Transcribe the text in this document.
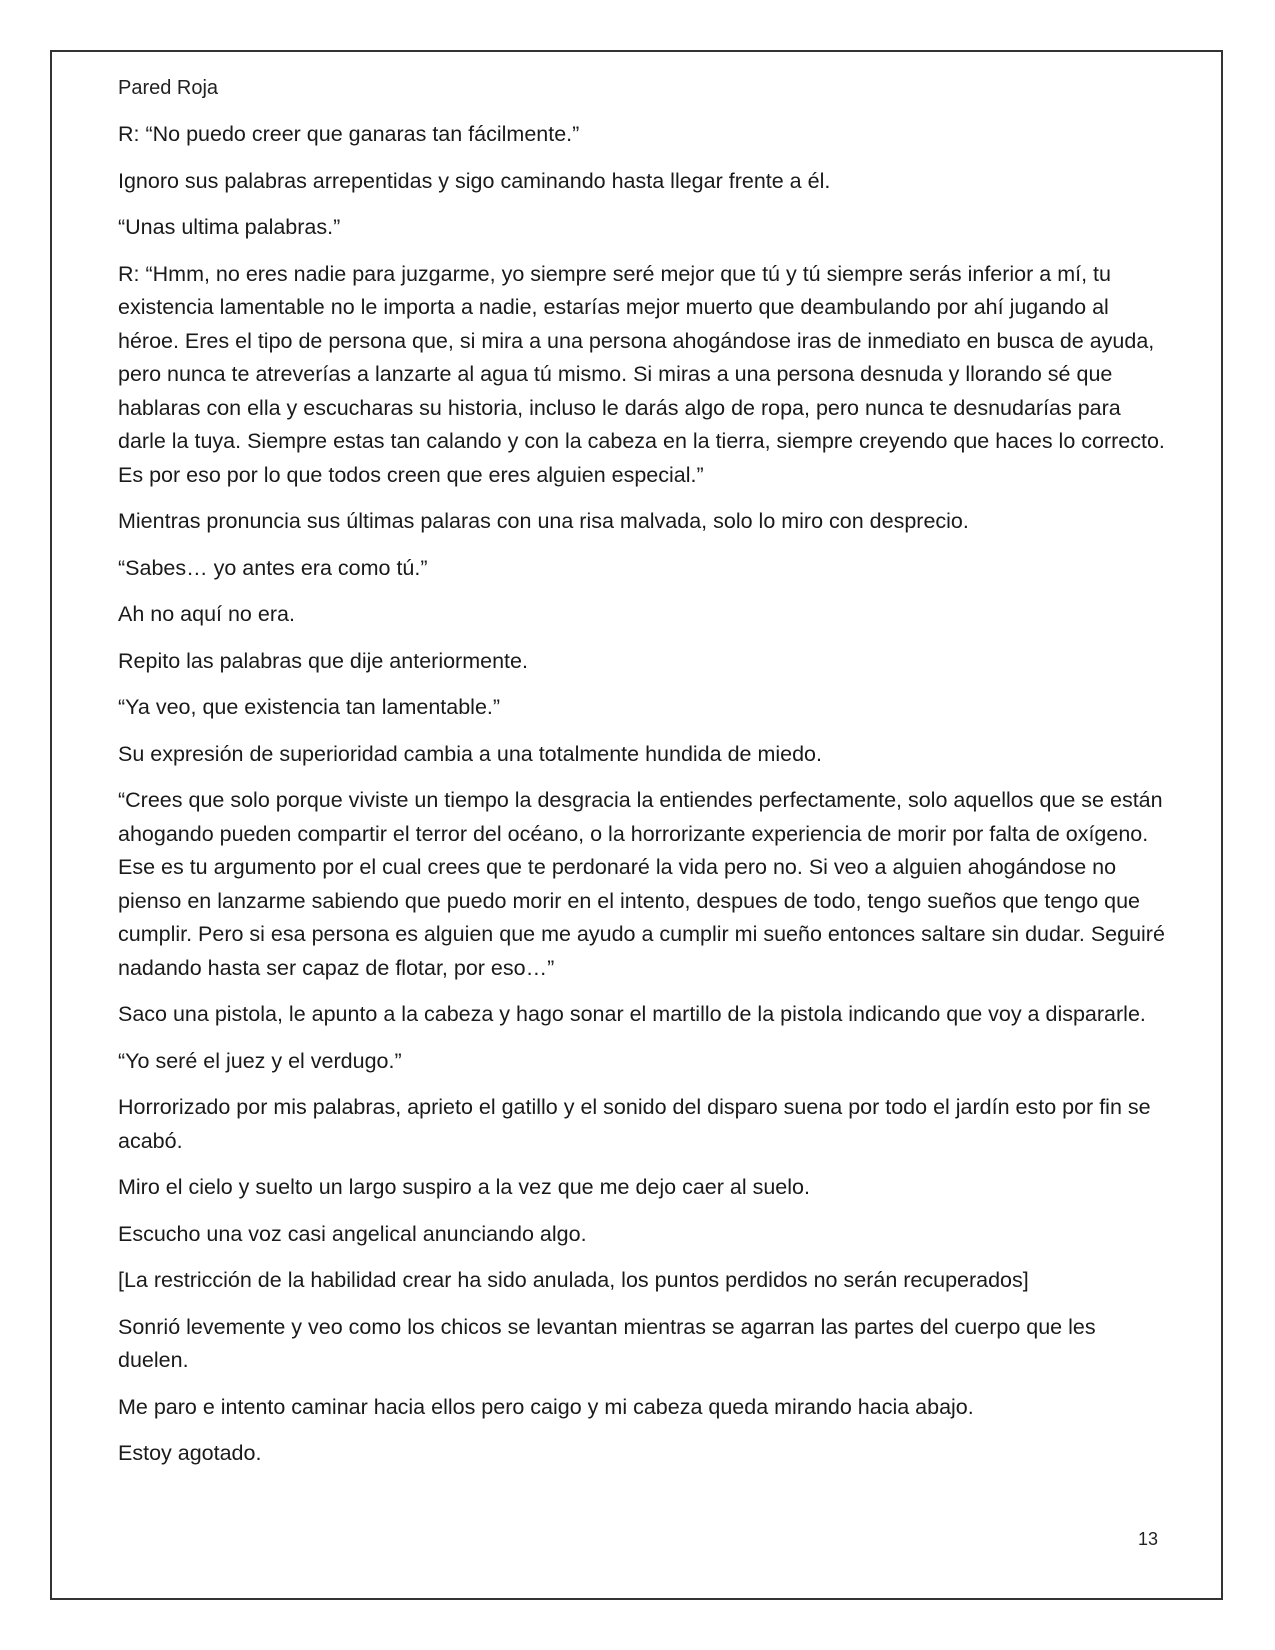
Pared Roja

R: “No puedo creer que ganaras tan fácilmente.”

Ignoro sus palabras arrepentidas y sigo caminando hasta llegar frente a él.

“Unas ultima palabras.”

R: “Hmm, no eres nadie para juzgarme, yo siempre seré mejor que tú y tú siempre serás inferior a mí, tu existencia lamentable no le importa a nadie, estarías mejor muerto que deambulando por ahí jugando al héroe. Eres el tipo de persona que, si mira a una persona ahogándose iras de inmediato en busca de ayuda, pero nunca te atreverías a lanzarte al agua tú mismo. Si miras a una persona desnuda y llorando sé que hablaras con ella y escucharas su historia, incluso le darás algo de ropa, pero nunca te desnudarías para darle la tuya. Siempre estas tan calando y con la cabeza en la tierra, siempre creyendo que haces lo correcto. Es por eso por lo que todos creen que eres alguien especial.”

Mientras pronuncia sus últimas palaras con una risa malvada, solo lo miro con desprecio.

“Sabes… yo antes era como tú.”

Ah no aquí no era.

Repito las palabras que dije anteriormente.

“Ya veo, que existencia tan lamentable.”

Su expresión de superioridad cambia a una totalmente hundida de miedo.

“Crees que solo porque viviste un tiempo la desgracia la entiendes perfectamente, solo aquellos que se están ahogando pueden compartir el terror del océano, o la horrorizante experiencia de morir por falta de oxígeno. Ese es tu argumento por el cual crees que te perdonaré la vida pero no. Si veo a alguien ahogándose no pienso en lanzarme sabiendo que puedo morir en el intento, despues de todo, tengo sueños que tengo que cumplir. Pero si esa persona es alguien que me ayudo a cumplir mi sueño entonces saltare sin dudar. Seguiré nadando hasta ser capaz de flotar, por eso…”

Saco una pistola, le apunto a la cabeza y hago sonar el martillo de la pistola indicando que voy a dispararle.

“Yo seré el juez y el verdugo.”

Horrorizado por mis palabras, aprieto el gatillo y el sonido del disparo suena por todo el jardín esto por fin se acabó.

Miro el cielo y suelto un largo suspiro a la vez que me dejo caer al suelo.

Escucho una voz casi angelical anunciando algo.

[La restricción de la habilidad crear ha sido anulada, los puntos perdidos no serán recuperados]

Sonrió levemente y veo como los chicos se levantan mientras se agarran las partes del cuerpo que les duelen.

Me paro e intento caminar hacia ellos pero caigo y mi cabeza queda mirando hacia abajo.

Estoy agotado.

13
